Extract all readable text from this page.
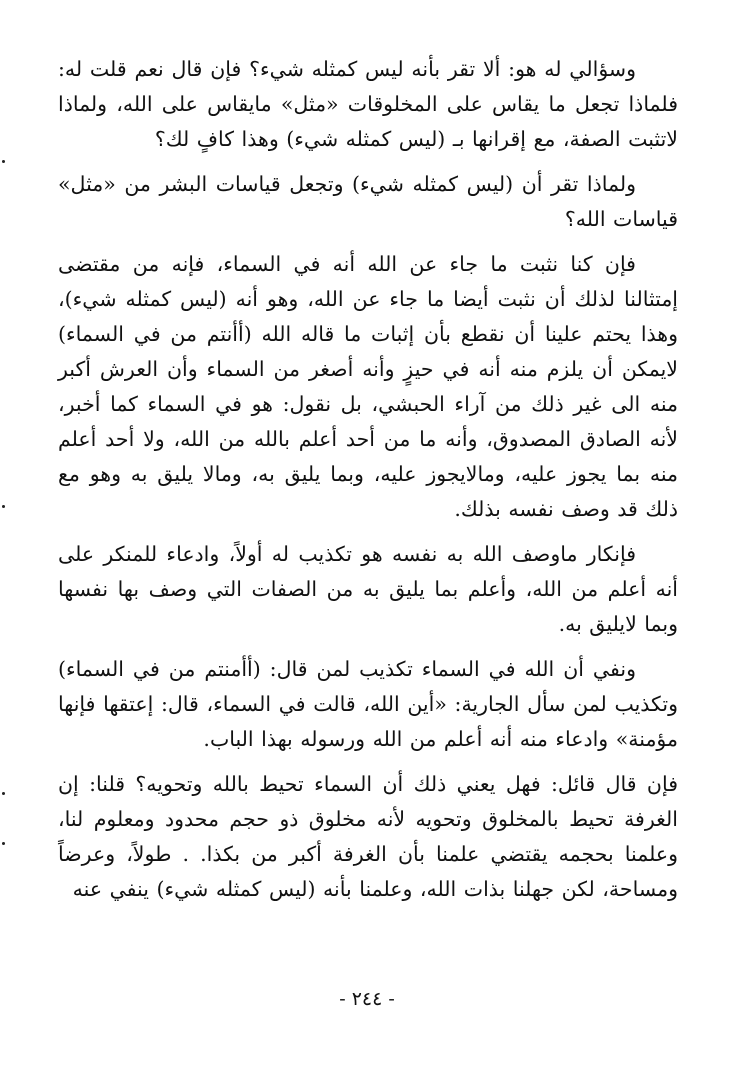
وسؤالي له هو: ألا تقر بأنه ليس كمثله شيء؟ فإن قال نعم قلت له: فلماذا تجعل ما يقاس على المخلوقات «مثل» مايقاس على الله، ولماذا لاتثبت الصفة، مع إقرانها بـ (ليس كمثله شيء) وهذا كافٍ لك؟

ولماذا تقر أن (ليس كمثله شيء) وتجعل قياسات البشر من «مثل» قياسات الله؟

فإن كنا نثبت ما جاء عن الله أنه في السماء، فإنه من مقتضى إمتثالنا لذلك أن نثبت أيضا ما جاء عن الله، وهو أنه (ليس كمثله شيء)، وهذا يحتم علينا أن نقطع بأن إثبات ما قاله الله (أأنتم من في السماء) لايمكن أن يلزم منه أنه في حيزٍ وأنه أصغر من السماء وأن العرش أكبر منه الى غير ذلك من آراء الحبشي، بل نقول: هو في السماء كما أخبر، لأنه الصادق المصدوق، وأنه ما من أحد أعلم بالله من الله، ولا أحد أعلم منه بما يجوز عليه، ومالايجوز عليه، وبما يليق به، ومالا يليق به وهو مع ذلك قد وصف نفسه بذلك.

فإنكار ماوصف الله به نفسه هو تكذيب له أولاً، وادعاء للمنكر على أنه أعلم من الله، وأعلم بما يليق به من الصفات التي وصف بها نفسها وبما لايليق به.

ونفي أن الله في السماء تكذيب لمن قال: (أأمنتم من في السماء) وتكذيب لمن سأل الجارية: «أين الله، قالت في السماء، قال: إعتقها فإنها مؤمنة» وادعاء منه أنه أعلم من الله ورسوله بهذا الباب.

فإن قال قائل: فهل يعني ذلك أن السماء تحيط بالله وتحويه؟ قلنا: إن الغرفة تحيط بالمخلوق وتحويه لأنه مخلوق ذو حجم محدود ومعلوم لنا، وعلمنا بحجمه يقتضي علمنا بأن الغرفة أكبر من بكذا. . طولاً، وعرضاً ومساحة، لكن جهلنا بذات الله، وعلمنا بأنه (ليس كمثله شيء) ينفي عنه

- ٢٤٤ -
